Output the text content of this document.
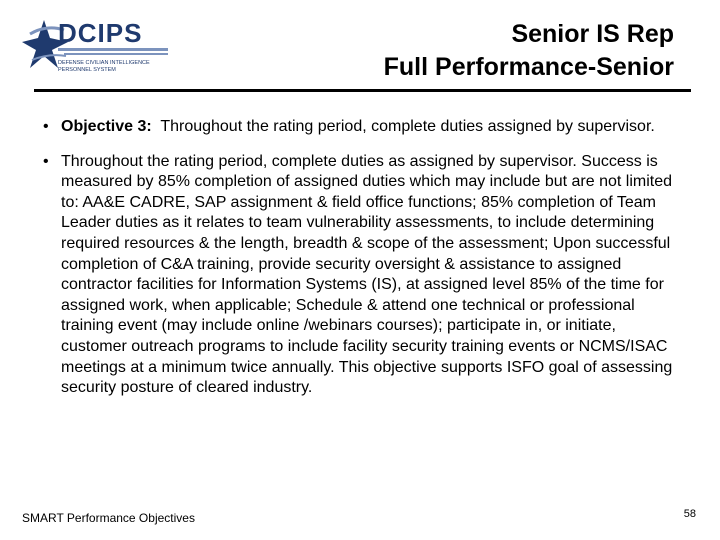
DCIPS
DEFENSE CIVILIAN INTELLIGENCE
PERSONNEL SYSTEM
Senior IS Rep
Full Performance-Senior
• Objective 3: Throughout the rating period, complete duties assigned by supervisor.
• Throughout the rating period, complete duties as assigned by supervisor. Success is measured by 85% completion of assigned duties which may include but are not limited to: AA&E CADRE, SAP assignment & field office functions; 85% completion of Team Leader duties as it relates to team vulnerability assessments, to include determining required resources & the length, breadth & scope of the assessment; Upon successful completion of C&A training, provide security oversight & assistance to assigned contractor facilities for Information Systems (IS), at assigned level 85% of the time for assigned work, when applicable; Schedule & attend one technical or professional training event (may include online /webinars courses); participate in, or initiate, customer outreach programs to include facility security training events or NCMS/ISAC meetings at a minimum twice annually. This objective supports ISFO goal of assessing security posture of cleared industry.
SMART Performance Objectives	58
